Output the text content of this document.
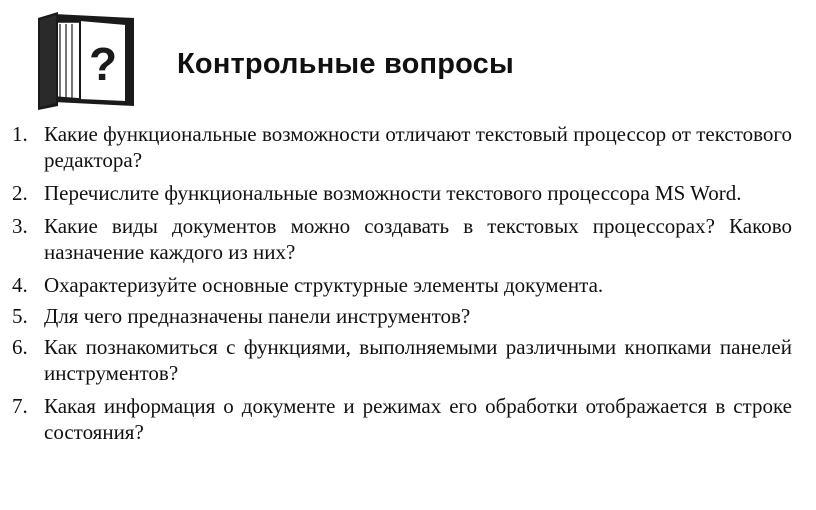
? Контрольные вопросы
1. Какие функциональные возможности отличают текстовый процессор от текстового редактора?
2. Перечислите функциональные возможности текстового процессора MS Word.
3. Какие виды документов можно создавать в текстовых процессорах? Каково назначение каждого из них?
4. Охарактеризуйте основные структурные элементы документа.
5. Для чего предназначены панели инструментов?
6. Как познакомиться с функциями, выполняемыми различными кнопками панелей инструментов?
7. Какая информация о документе и режимах его обработки отображается в строке состояния?
